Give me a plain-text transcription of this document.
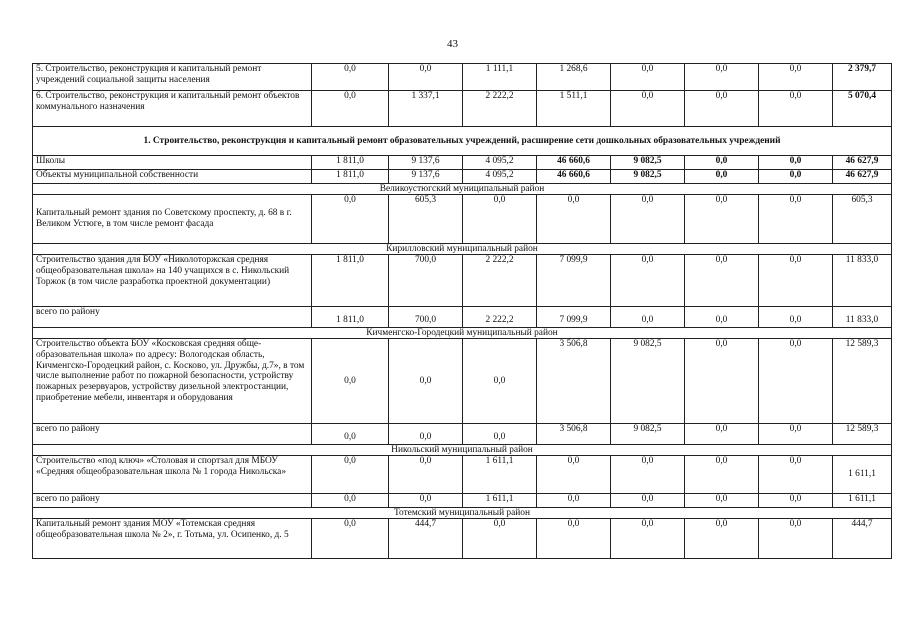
43
5. Строительство, реконструкция и капитальный ремонт учреждений социальной защиты населения	0,0	0,0	1 111,1	1 268,6	0,0	0,0	0,0	2 379,7
6. Строительство, реконструкция и капитальный ремонт объектов коммунального назначения	0,0	1 337,1	2 222,2	1 511,1	0,0	0,0	0,0	5 070,4
1. Строительство, реконструкция и капитальный ремонт образовательных учреждений, расширение сети дошкольных образовательных учреждений								
Школы	1 811,0	9 137,6	4 095,2	46 660,6	9 082,5	0,0	0,0	46 627,9
Объекты муниципальной собственности	1 811,0	9 137,6	4 095,2	46 660,6	9 082,5	0,0	0,0	46 627,9
Великоустюгский муниципальный район								
Капитальный ремонт здания по Советскому проспекту, д. 68 в г. Великом Устюге, в том числе ремонт фасада	0,0	605,3	0,0	0,0	0,0	0,0	0,0	605,3
Кирилловский муниципальный район								
Строительство здания для БОУ «Николоторжская средняя общеобразовательная школа» на 140 учащихся в с. Никольский Торжок (в том числе разработка проектной документации)	1 811,0	700,0	2 222,2	7 099,9	0,0	0,0	0,0	11 833,0
всего по району	1 811,0	700,0	2 222,2	7 099,9	0,0	0,0	0,0	11 833,0
Кичменгско-Городецкий муниципальный район								
Строительство объекта БОУ «Косковская средняя общеобразовательная школа» по адресу: Вологодская область, Кичменгско-Городецкий район, с. Косково, ул. Дружбы, д.7», в том числе выполнение работ по пожарной безопасности, устройству пожарных резервуаров, устройству дизельной электростанции, приобретение мебели, инвентаря и оборудования	0,0	0,0	0,0	3 506,8	9 082,5	0,0	0,0	12 589,3
всего по району	0,0	0,0	0,0	3 506,8	9 082,5	0,0	0,0	12 589,3
Никольский муниципальный район								
Строительство «под ключ» «Столовая и спортзал для МБОУ «Средняя общеобразовательная школа № 1 города Никольска»	0,0	0,0	1 611,1	0,0	0,0	0,0	0,0	1 611,1
всего по району	0,0	0,0	1 611,1	0,0	0,0	0,0	0,0	1 611,1
Тотемский муниципальный район								
Капитальный ремонт здания МОУ «Тотемская средняя общеобразовательная школа № 2», г. Тотьма, ул. Осипенко, д. 5	0,0	444,7	0,0	0,0	0,0	0,0	0,0	444,7
